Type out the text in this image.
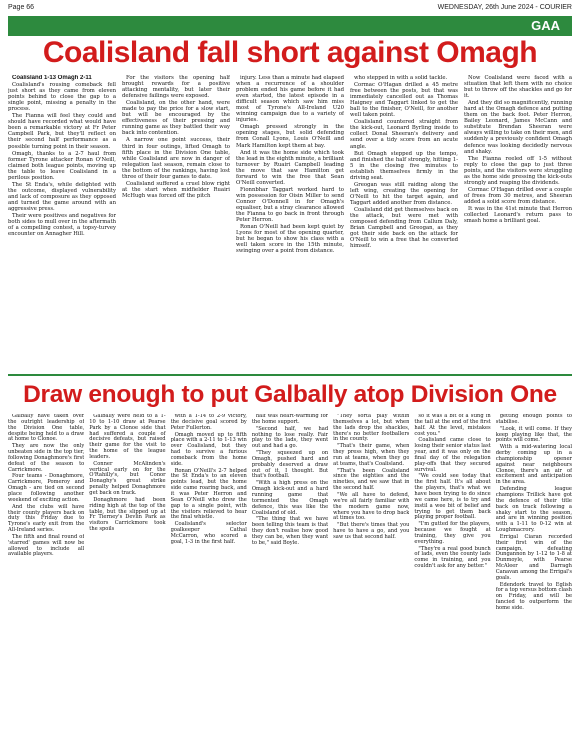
Page 66	WEDNESDAY, 26th June 2024 - COURIER
GAA
Coalisland fall short against Omagh

Coalisland 1-13 Omagh 2-11

Coalisland's rousing comeback fell just short as they came from eleven points behind to close the gap to a single point, missing a penalty in the process.

The Fianna will feel they could and should have recorded what would have been a remarkable victory at Fr Peter Campbell Park, but they'll reflect on their second half performance as a possible turning point in their season.

Omagh, thanks to a 2-7 haul from former Tyrone attacker Ronan O'Neill, claimed both league points, moving up the table to leave Coalisland in a perilous position.

The St Enda's, while delighted with the outcome, displayed vulnerability and lack of composure as they opposed and turned the game around with an aggressive press.

Their were positives and negatives for both sides to mull over in the aftermath of a compelling contest, a topsy-turvey encounter on Annagher Hill.

For the visitors the opening half brought rewards for a positive attacking mentality, but later their defensive failings were exposed.

Coalisland, on the other hand, were made to pay the price for a slow start, but will be encouraged by the effectiveness of their pressing and running game as they battled their way back into contention.

A narrow one point success, their third in four outings, lifted Omagh to fifth place in the Division One table, while Coalisland are now in danger of relegation last season, remain close to the bottom of the rankings, having lost three of their four games to date.

Coalisland suffered a cruel blow right at the start when midfielder Ruairi McHugh was forced off the pitch

injury. Less than a minute had elapsed when a recurrence of a shoulder problem ended his game before it had even started, the latest episode in a difficult season which saw him miss most of Tyrone's All-Ireland U20 winning campaign due to a variety of injuries.

Omagh pressed strongly in the opening stages, but solid defending from Conall Lyons, Louis O'Neill and Mark Hamilton kept them at bay.

And it was the home side which took the lead in the eighth minute, a brilliant turnover by Ruairi Campbell leading the move that saw Hamilton get forward to win the free that Sean O'Neill converted.

Fionnbhar Taggart worked hard to win possession for Oisin Miller to send Connor O'Donnell in for Omagh's equaliser, but a stray clearance allowed the Fianna to go back in front through Peter Herron.

Ronan O'Neill had been kept quiet by Lyons for most of the opening quarter, but he began to show his class with a well taken score in the 15th minute, swinging over a point from distance.

who stepped in with a solid tackle.

Cormac O'Hagan drilled a 45 metre free between the posts, but that was immediately cancelled out as Thomas Haigney and Taggart linked to get the ball to the finisher, O'Neill, for another well taken point.

Coalisland countered straight from the kick-out, Leonard Byrling inside to collect Donal Sheeran's delivery and send over a tidy score from an acute angle.

But Omagh stepped up the tempo, and finished the half strongly, hitting 1-5 in the closing five minutes to establish themselves firmly in the driving seat.

Greogan was still raiding along the left wing, creating the opening for O'Neill to hit the target again, and Taggart added another from distance.

Coalisland did get themselves back on the attack, but were met with composed defending from Callum Daly, Brian Campbell and Greogan, as they got their side back on the attack for O'Neill to win a free that he converted himself.

Now Coalisland were faced with a situation that left them with no choice but to throw off the shackles and go for it.

And they did so magnificently, running hard at the Omagh defence and putting them on the back foot. Peter Herron, Bailey Leonard, James McCann and substitute Brendan Sheeran were always willing to take on their men, and suddenly a previously confident Omagh defence was looking decidedly nervous and shaky.

The Fianna reeled off 1-5 without reply to close the gap to just three points, and the visitors were struggling as the home side pressing the kick-outs strongly and reaping the dividends.

Cormac O'Hagan drilled over a couple of frees from 30 metres, and Sheeran added a solid score from distance.

It was in the 41st minute that Herron collected Leonard's return pass to smash home a brilliant goal.

Draw enough to put Galbally atop Division One

Galbally have taken over the outright leadership of the Division One table, despite being held to a draw at home to Clonoe.

They are now the only unbeaten side in the top tier, following Donaghmore's first defeat of the season to Carrickmore.

Four teams - Donaghmore, Carrickmore, Pomeroy and Omagh - are tied on second place following another weekend of exciting action.

And the clubs will have their county players back on duty this Friday due to Tyrone's early exit from the All-Ireland series.

The fifth and final round of 'starred' games will now be allowed to include all available players.

Galbally were held to a 1-10 to 1-10 draw at Pearse Park by a Clonoe side that had suffered a couple of decisive defeats, but raised their game for the visit to the home of the league leaders.

Conner McAlinden's vertical early on for the O'Rahilly's, but Conor Donaghy's great strike penalty helped Donaghmore get back on track.

Donaghmore had been riding high at the top of the table, but the slipped up at Fr Tierney's Devlin Park as visitors Carrickmore took the spoils

with a 1-14 to 2-9 victory, the decisive goal scored by Peter Fullerton.

Omagh moved up to fifth place with a 2-11 to 1-13 win over Coalisland, but they had to survive a furious comeback from the home side.

Ronan O'Neill's 2-7 helped the St Enda's to an eleven points lead, but the home side came roaring back, and it was Peter Herron and Sean O'Neill who drew the gap to a single point, with the visitors relieved to hear the final whistle.

Coalisland's selector goalkeeper Cathal McCarron, who scored a goal, 1-3 in the first half.

half was heart-warming for the home support.

"Second half, we had nothing to lose really. Fair play to the lads, they went out and had a go.

"They squeezed up on Omagh, pushed hard and probably deserved a draw out of it, I thought. But that's football.

"With a high press on the Omagh kick-out and a hard running game that tormented the Omagh defence, this was like the Coalisland of old.

"The thing that we have been telling this team is that they don't realise how good they can be, when they want to be," said Boyle.

"They sorta play within themselves a lot, but when the lads drop the shackles, there's no better footballers in the county.

"That's their game, when they press high, when they run at teams, when they go at teams, that's Coalisland.

"That's been Coalisland since the eighties and the nineties, and we saw that in the second half.

"We all have to defend, we're all fairly familiar with the modern game now, where you have to drop back at times too.

"But there's times that you have to have a go, and you saw us that second half.

so it was a bit of a sting in the tail at the end of the first half. At the level, mistakes cost you."

Coalisland came close to losing their senior status last year, and it was only on the final day of the relegation play-offs that they secured survival.

"We could see today that the first half. It's all about the players, that's what we have been trying to do since we came here, is to try and instil a wee bit of belief and trying to get them back playing proper football.

"I'm gutted for the players, because we fought at training, they give you everything.

"They're a real good bunch of lads, even the county lads come in training, and you couldn't ask for any better."

getting enough points to stabilise.

"Look, it will come. If they keep playing like that, the points will come."

With a mid-watering local derby coming up in a championship opener against near neighbours Clonoe, there's an air of excitement and anticipation in the area.

Defending league champions Trillick have got the defence of their title back on track following a shaky start to the season, and are in winning position with a 1-11 to 0-12 win at Loughmacrory.

Errigal Ciaran recorded their first win of the campaign, defeating Dungannon by 1-12 to 1-8 at Dunmoyle, with Pearse McAleer and Darragh Canavan among the Errigal's goals.

Edendork travel to Eglish for a top versus bottom clash on Friday, and will be fancied to outperform the home side.
